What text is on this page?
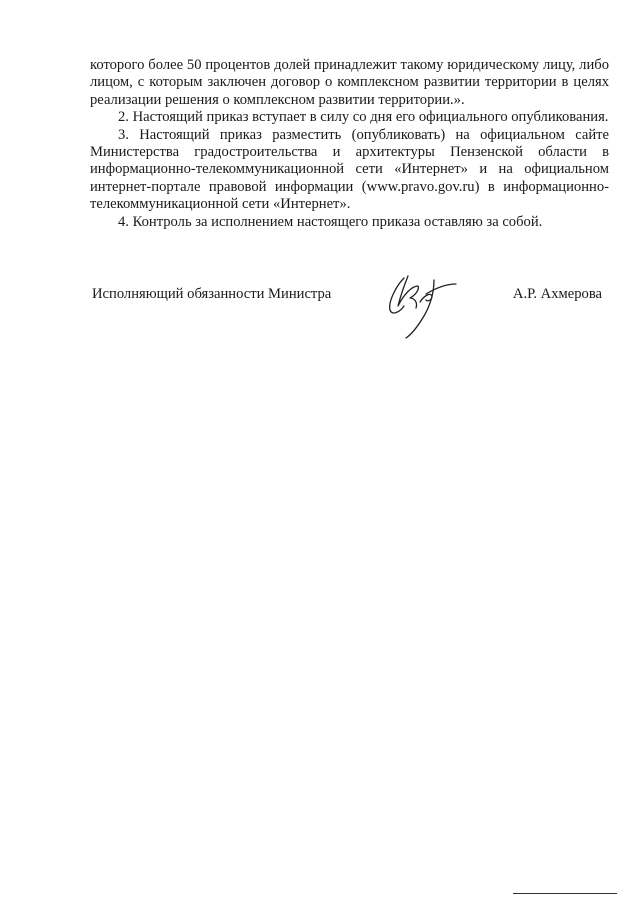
которого более 50 процентов долей принадлежит такому юридическому лицу, либо лицом, с которым заключен договор о комплексном развитии территории в целях реализации решения о комплексном развитии территории.».

2. Настоящий приказ вступает в силу со дня его официального опубликования.

3. Настоящий приказ разместить (опубликовать) на официальном сайте Министерства градостроительства и архитектуры Пензенской области в информационно-телекоммуникационной сети «Интернет» и на официальном интернет-портале правовой информации (www.pravo.gov.ru) в информационно-телекоммуникационной сети «Интернет».

4. Контроль за исполнением настоящего приказа оставляю за собой.

Исполняющий обязанности Министра	А.Р. Ахмерова
